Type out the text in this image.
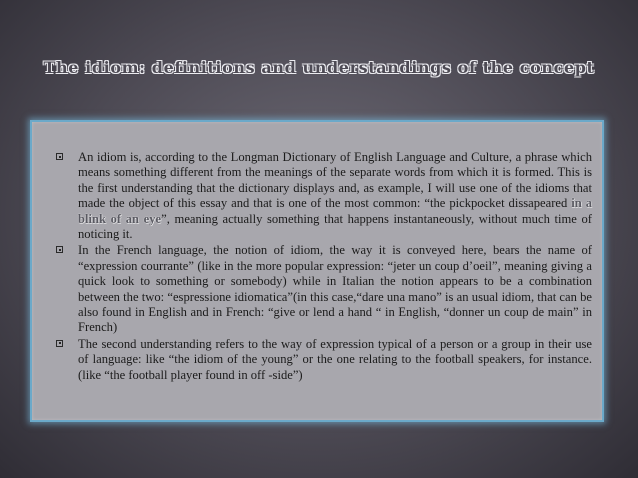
The idiom: definitions and understandings of the concept
An idiom is, according to the Longman Dictionary of English Language and Culture, a phrase which means something different from the meanings of the separate words from which it is formed. This is the first understanding that the dictionary displays and, as example, I will use one of the idioms that made the object of this essay and that is one of the most common: “the pickpocket dissapeared in a blink of an eye”, meaning actually something that happens instantaneously, without much time of noticing it.
In the French language, the notion of idiom, the way it is conveyed here, bears the name of “expression courrante” (like in the more popular expression: “jeter un coup d’oeil”, meaning giving a quick look to something or somebody) while in Italian the notion appears to be a combination between the two: “espressione idiomatica”(in this case,“dare una mano” is an usual idiom, that can be also found in English and in French: “give or lend a hand “ in English, “donner un coup de main” in French)
The second understanding refers to the way of expression typical of a person or a group in their use of language: like “the idiom of the young” or the one relating to the football speakers, for instance. (like “the football player found in off -side”)
